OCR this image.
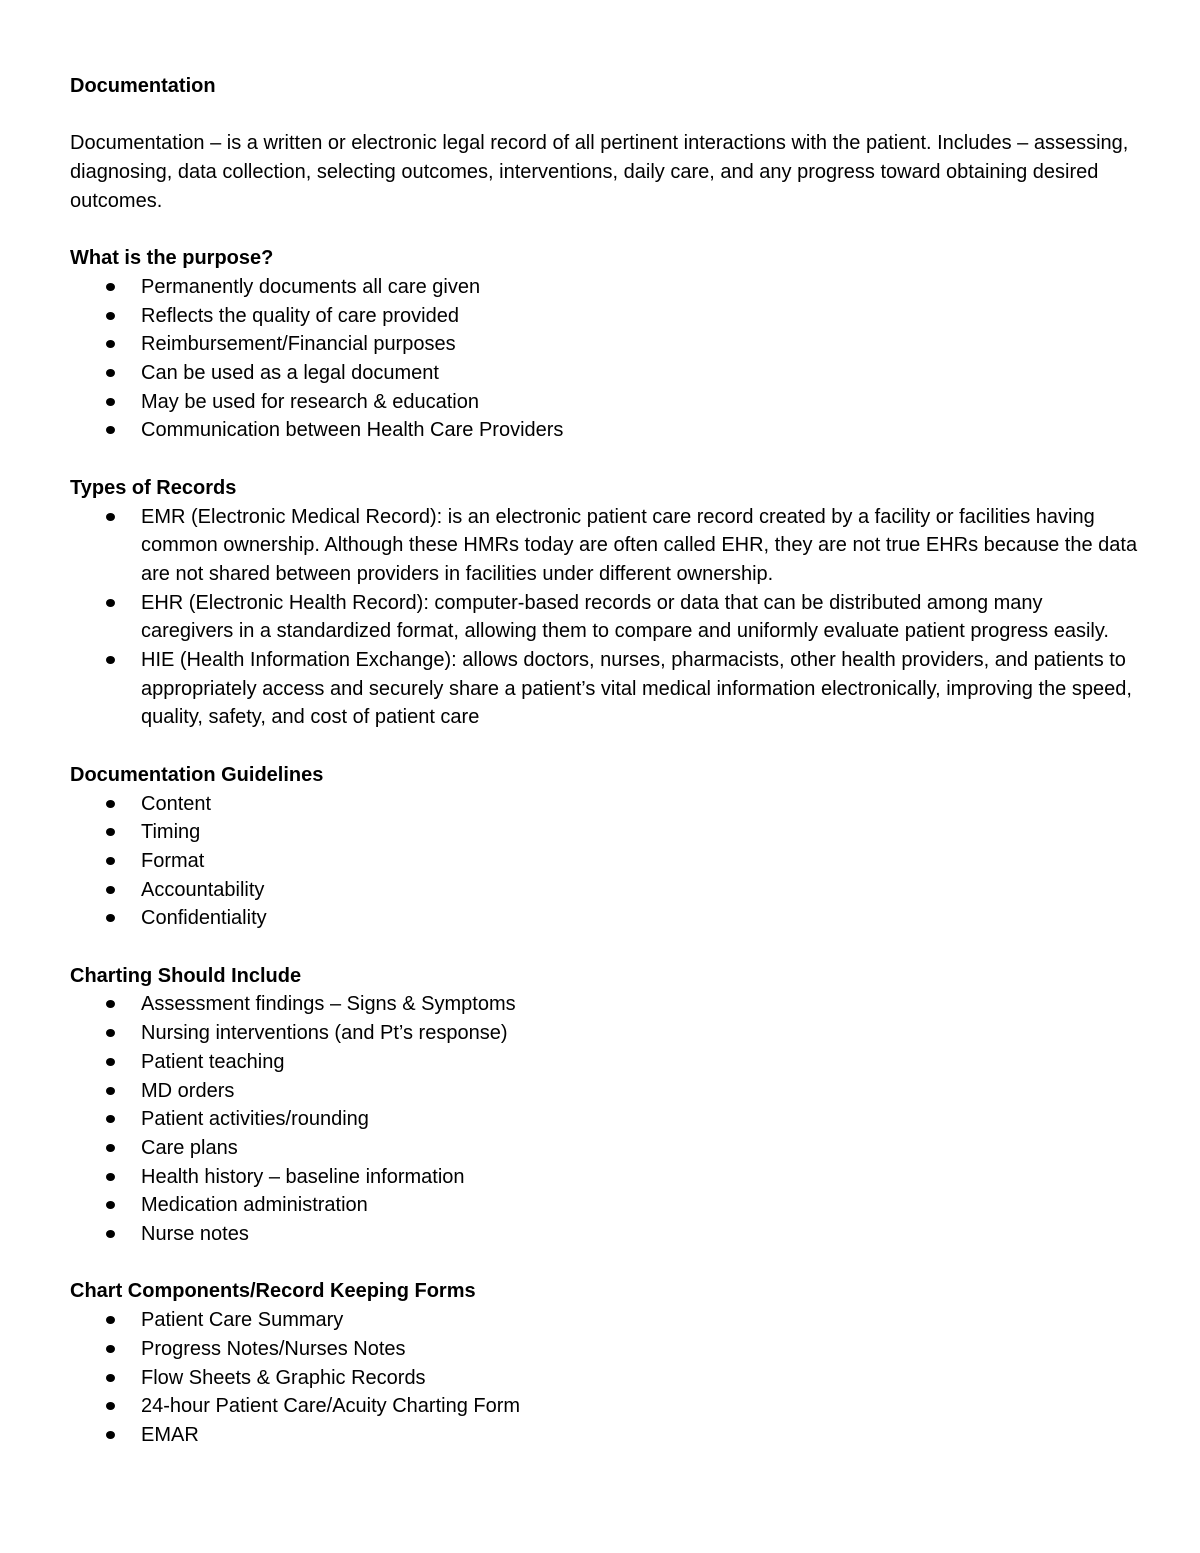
Documentation

Documentation – is a written or electronic legal record of all pertinent interactions with the patient. Includes – assessing, diagnosing, data collection, selecting outcomes, interventions, daily care, and any progress toward obtaining desired outcomes.

What is the purpose?

Permanently documents all care given
Reflects the quality of care provided
Reimbursement/Financial purposes
Can be used as a legal document
May be used for research & education
Communication between Health Care Providers

Types of Records

EMR (Electronic Medical Record): is an electronic patient care record created by a facility or facilities having common ownership. Although these HMRs today are often called EHR, they are not true EHRs because the data are not shared between providers in facilities under different ownership.
EHR (Electronic Health Record): computer-based records or data that can be distributed among many caregivers in a standardized format, allowing them to compare and uniformly evaluate patient progress easily.
HIE (Health Information Exchange): allows doctors, nurses, pharmacists, other health providers, and patients to appropriately access and securely share a patient’s vital medical information electronically, improving the speed, quality, safety, and cost of patient care

Documentation Guidelines

Content
Timing
Format
Accountability
Confidentiality

Charting Should Include

Assessment findings – Signs & Symptoms
Nursing interventions (and Pt’s response)
Patient teaching
MD orders
Patient activities/rounding
Care plans
Health history – baseline information
Medication administration
Nurse notes

Chart Components/Record Keeping Forms

Patient Care Summary
Progress Notes/Nurses Notes
Flow Sheets & Graphic Records
24-hour Patient Care/Acuity Charting Form
EMAR
